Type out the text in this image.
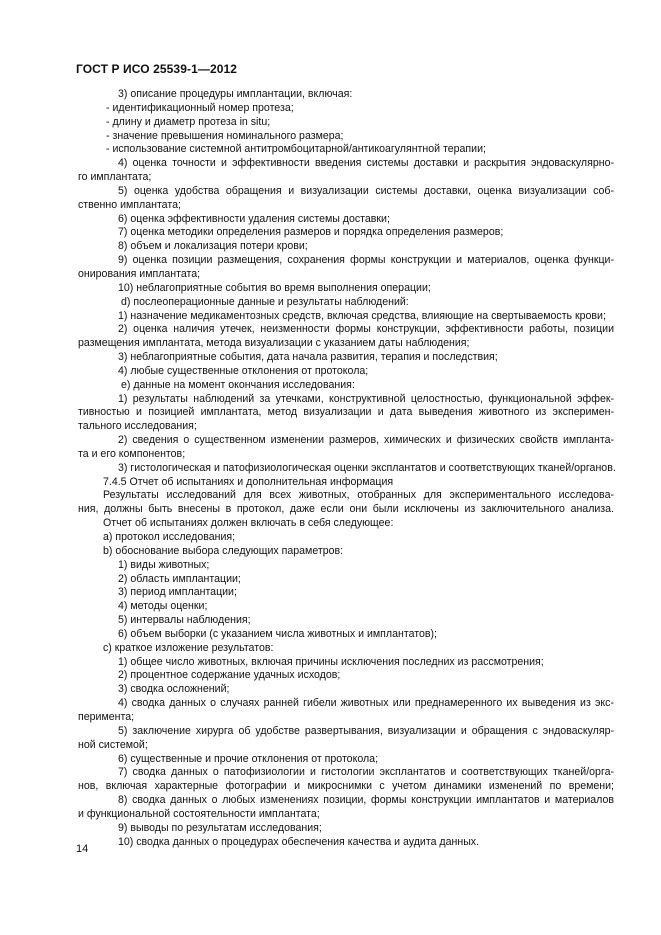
ГОСТ Р ИСО 25539-1—2012
3) описание процедуры имплантации, включая:
- идентификационный номер протеза;
- длину и диаметр протеза in situ;
- значение превышения номинального размера;
- использование системной антитромбоцитарной/антикоагулянтной терапии;
4) оценка точности и эффективности введения системы доставки и раскрытия эндоваскулярно-
го имплантата;
5) оценка удобства обращения и визуализации системы доставки, оценка визуализации соб-
ственно имплантата;
6) оценка эффективности удаления системы доставки;
7) оценка методики определения размеров и порядка определения размеров;
8) объем и локализация потери крови;
9) оценка позиции размещения, сохранения формы конструкции и материалов, оценка функци-
онирования имплантата;
10) неблагоприятные события во время выполнения операции;
d) послеоперационные данные и результаты наблюдений:
1) назначение медикаментозных средств, включая средства, влияющие на свертываемость крови;
2) оценка наличия утечек, неизменности формы конструкции, эффективности работы, позиции
размещения имплантата, метода визуализации с указанием даты наблюдения;
3) неблагоприятные события, дата начала развития, терапия и последствия;
4) любые существенные отклонения от протокола;
e) данные на момент окончания исследования:
1) результаты наблюдений за утечками, конструктивной целостностью, функциональной эффек-
тивностью и позицией имплантата, метод визуализации и дата выведения животного из эксперимен-
тального исследования;
2) сведения о существенном изменении размеров, химических и физических свойств импланта-
та и его компонентов;
3) гистологическая и патофизиологическая оценки эксплантатов и соответствующих тканей/органов.
7.4.5 Отчет об испытаниях и дополнительная информация
Результаты исследований для всех животных, отобранных для экспериментального исследова-
ния, должны быть внесены в протокол, даже если они были исключены из заключительного анализа.
Отчет об испытаниях должен включать в себя следующее:
a) протокол исследования;
b) обоснование выбора следующих параметров:
1) виды животных;
2) область имплантации;
3) период имплантации;
4) методы оценки;
5) интервалы наблюдения;
6) объем выборки (с указанием числа животных и имплантатов);
c) краткое изложение результатов:
1) общее число животных, включая причины исключения последних из рассмотрения;
2) процентное содержание удачных исходов;
3) сводка осложнений;
4) сводка данных о случаях ранней гибели животных или преднамеренного их выведения из экс-
перимента;
5) заключение хирурга об удобстве развертывания, визуализации и обращения с эндоваскуляр-
ной системой;
6) существенные и прочие отклонения от протокола;
7) сводка данных о патофизиологии и гистологии эксплантатов и соответствующих тканей/орга-
нов, включая характерные фотографии и микроснимки с учетом динамики изменений по времени;
8) сводка данных о любых изменениях позиции, формы конструкции имплантатов и материалов
и функциональной состоятельности имплантата;
9) выводы по результатам исследования;
10) сводка данных о процедурах обеспечения качества и аудита данных.
14
